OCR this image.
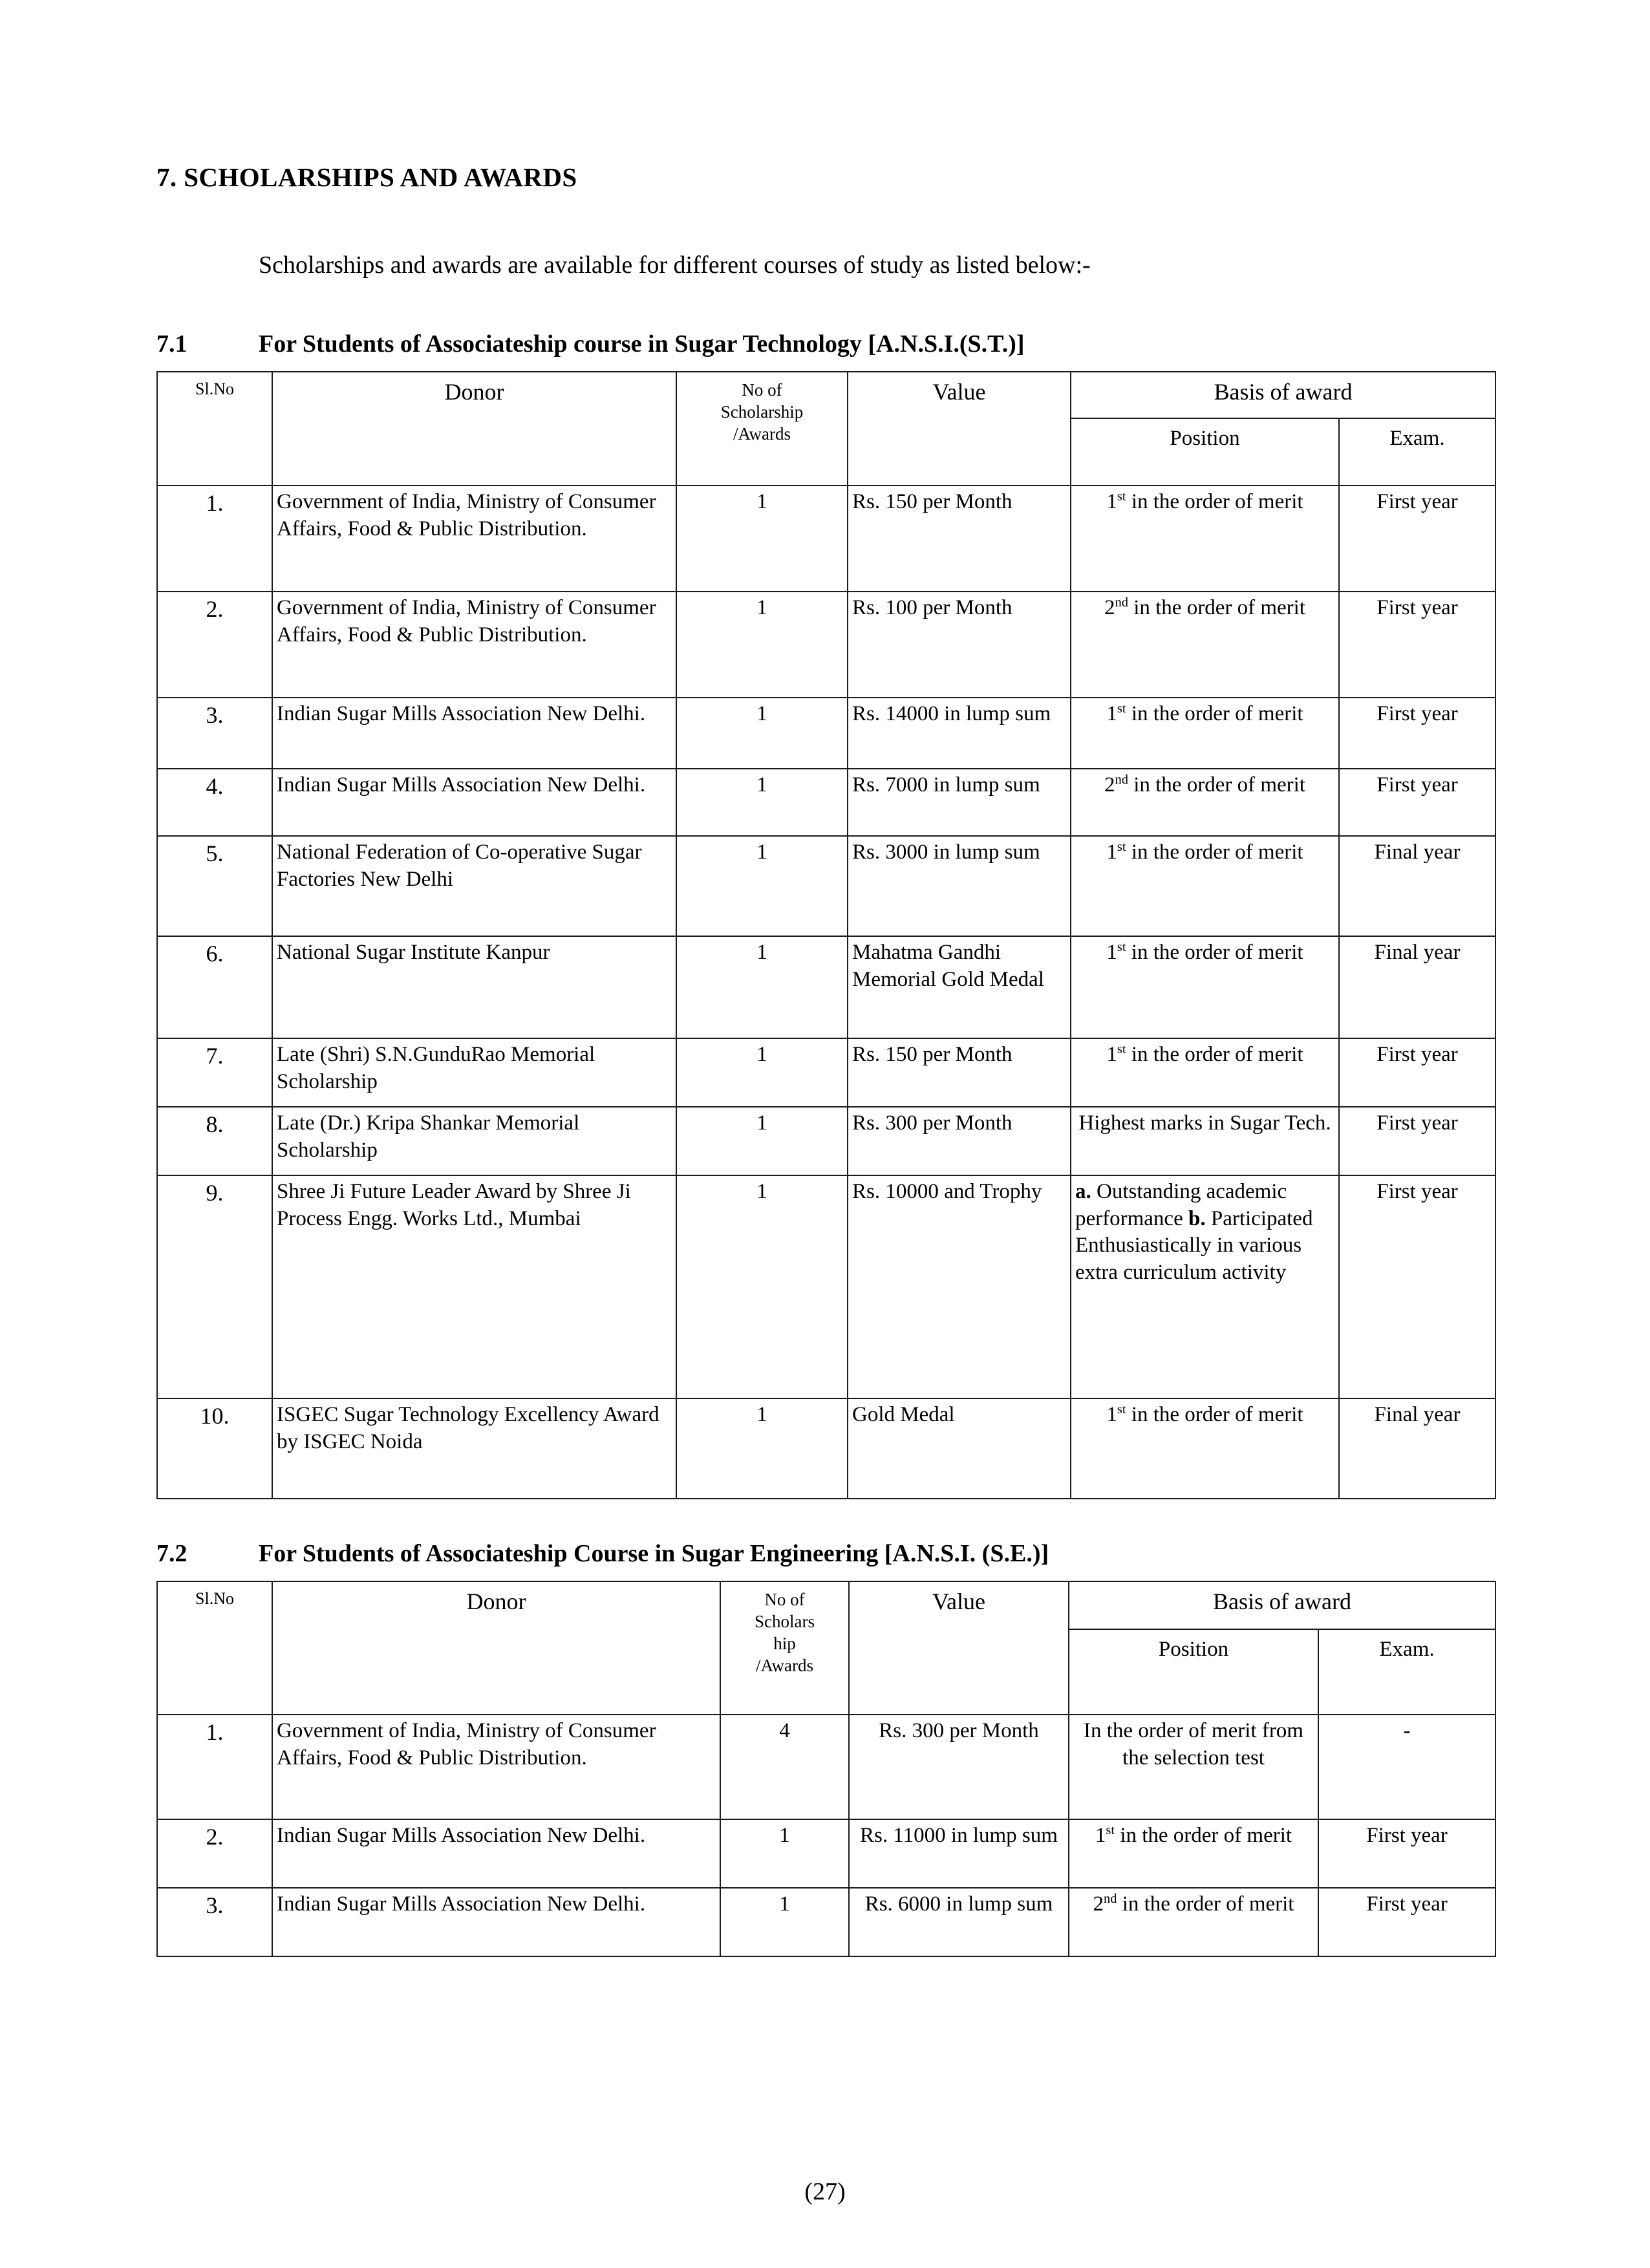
7. SCHOLARSHIPS AND AWARDS

Scholarships and awards are available for different courses of study as listed below:-

7.1	For Students of Associateship course in Sugar Technology [A.N.S.I.(S.T.)]
Sl.No	Donor	No of
Scholarship
/Awards	Value	Basis of award	
				Position	Exam.
1.	Government of India, Ministry of Consumer Affairs, Food & Public Distribution.	1	Rs. 150 per Month	1st in the order of merit	First year
2.	Government of India, Ministry of Consumer Affairs, Food & Public Distribution.	1	Rs. 100 per Month	2nd in the order of merit	First year
3.	Indian Sugar Mills Association New Delhi.	1	Rs. 14000 in lump sum	1st in the order of merit	First year
4.	Indian Sugar Mills Association New Delhi.	1	Rs. 7000 in lump sum	2nd in the order of merit	First year
5.	National Federation of Co-operative Sugar Factories New Delhi	1	Rs. 3000 in lump sum	1st in the order of merit	Final year
6.	National Sugar Institute Kanpur	1	Mahatma Gandhi Memorial Gold Medal	1st in the order of merit	Final year
7.	Late (Shri) S.N.GunduRao Memorial Scholarship	1	Rs. 150 per Month	1st in the order of merit	First year
8.	Late (Dr.) Kripa Shankar Memorial Scholarship	1	Rs. 300 per Month	Highest marks in Sugar Tech.	First year
9.	Shree Ji Future Leader Award by Shree Ji Process Engg. Works Ltd., Mumbai	1	Rs. 10000 and Trophy	a. Outstanding academic performance b. Participated Enthusiastically in various extra curriculum activity	First year
10.	ISGEC Sugar Technology Excellency Award by ISGEC Noida	1	Gold Medal	1st in the order of merit	Final year
7.2	For Students of Associateship Course in Sugar Engineering [A.N.S.I. (S.E.)]
Sl.No	Donor	No of
Scholars
hip
/Awards	Value	Basis of award	
				Position	Exam.
1.	Government of India, Ministry of Consumer Affairs, Food & Public Distribution.	4	Rs. 300 per Month	In the order of merit from the selection test	-
2.	Indian Sugar Mills Association New Delhi.	1	Rs. 11000 in lump sum	1st in the order of merit	First year
3.	Indian Sugar Mills Association New Delhi.	1	Rs. 6000 in lump sum	2nd in the order of merit	First year
(27)
